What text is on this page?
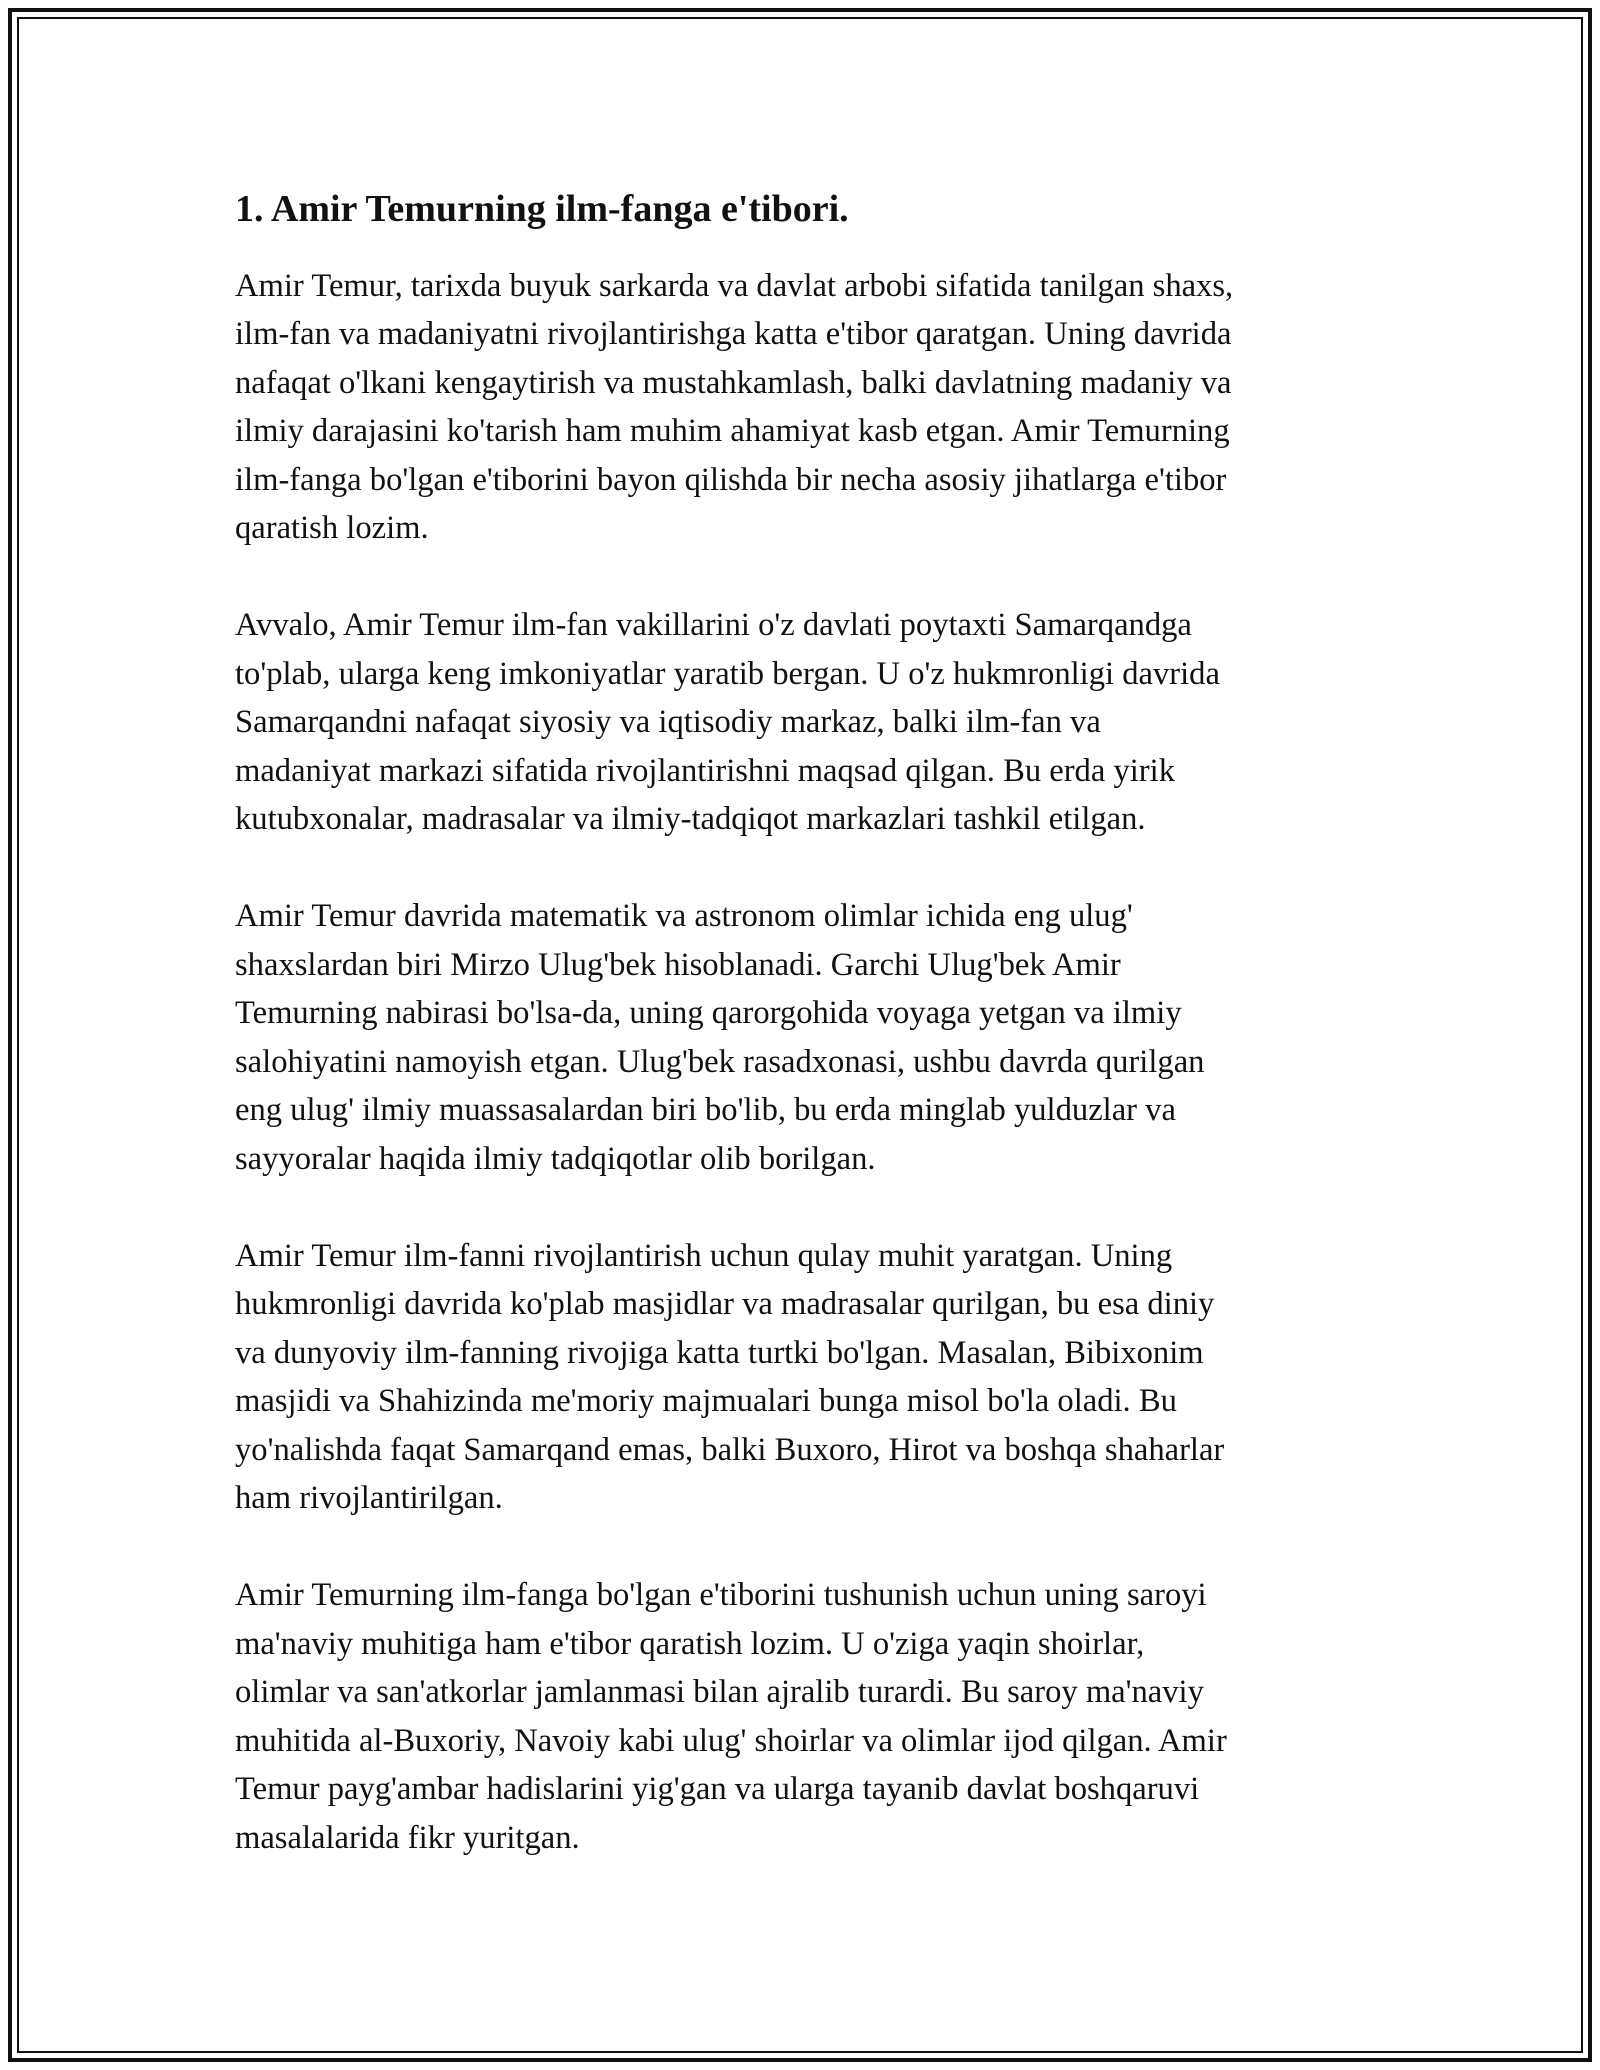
1. Amir Temurning ilm-fanga e'tibori.

Amir Temur, tarixda buyuk sarkarda va davlat arbobi sifatida tanilgan shaxs,
ilm-fan va madaniyatni rivojlantirishga katta e'tibor qaratgan. Uning davrida
nafaqat o'lkani kengaytirish va mustahkamlash, balki davlatning madaniy va
ilmiy darajasini ko'tarish ham muhim ahamiyat kasb etgan. Amir Temurning
ilm-fanga bo'lgan e'tiborini bayon qilishda bir necha asosiy jihatlarga e'tibor
qaratish lozim.

Avvalo, Amir Temur ilm-fan vakillarini o'z davlati poytaxti Samarqandga
to'plab, ularga keng imkoniyatlar yaratib bergan. U o'z hukmronligi davrida
Samarqandni nafaqat siyosiy va iqtisodiy markaz, balki ilm-fan va
madaniyat markazi sifatida rivojlantirishni maqsad qilgan. Bu erda yirik
kutubxonalar, madrasalar va ilmiy-tadqiqot markazlari tashkil etilgan.

Amir Temur davrida matematik va astronom olimlar ichida eng ulug'
shaxslardan biri Mirzo Ulug'bek hisoblanadi. Garchi Ulug'bek Amir
Temurning nabirasi bo'lsa-da, uning qarorgohida voyaga yetgan va ilmiy
salohiyatini namoyish etgan. Ulug'bek rasadxonasi, ushbu davrda qurilgan
eng ulug' ilmiy muassasalardan biri bo'lib, bu erda minglab yulduzlar va
sayyoralar haqida ilmiy tadqiqotlar olib borilgan.

Amir Temur ilm-fanni rivojlantirish uchun qulay muhit yaratgan. Uning
hukmronligi davrida ko'plab masjidlar va madrasalar qurilgan, bu esa diniy
va dunyoviy ilm-fanning rivojiga katta turtki bo'lgan. Masalan, Bibixonim
masjidi va Shahizinda me'moriy majmualari bunga misol bo'la oladi. Bu
yo'nalishda faqat Samarqand emas, balki Buxoro, Hirot va boshqa shaharlar
ham rivojlantirilgan.

Amir Temurning ilm-fanga bo'lgan e'tiborini tushunish uchun uning saroyi
ma'naviy muhitiga ham e'tibor qaratish lozim. U o'ziga yaqin shoirlar,
olimlar va san'atkorlar jamlanmasi bilan ajralib turardi. Bu saroy ma'naviy
muhitida al-Buxoriy, Navoiy kabi ulug' shoirlar va olimlar ijod qilgan. Amir
Temur payg'ambar hadislarini yig'gan va ularga tayanib davlat boshqaruvi
masalalarida fikr yuritgan.
